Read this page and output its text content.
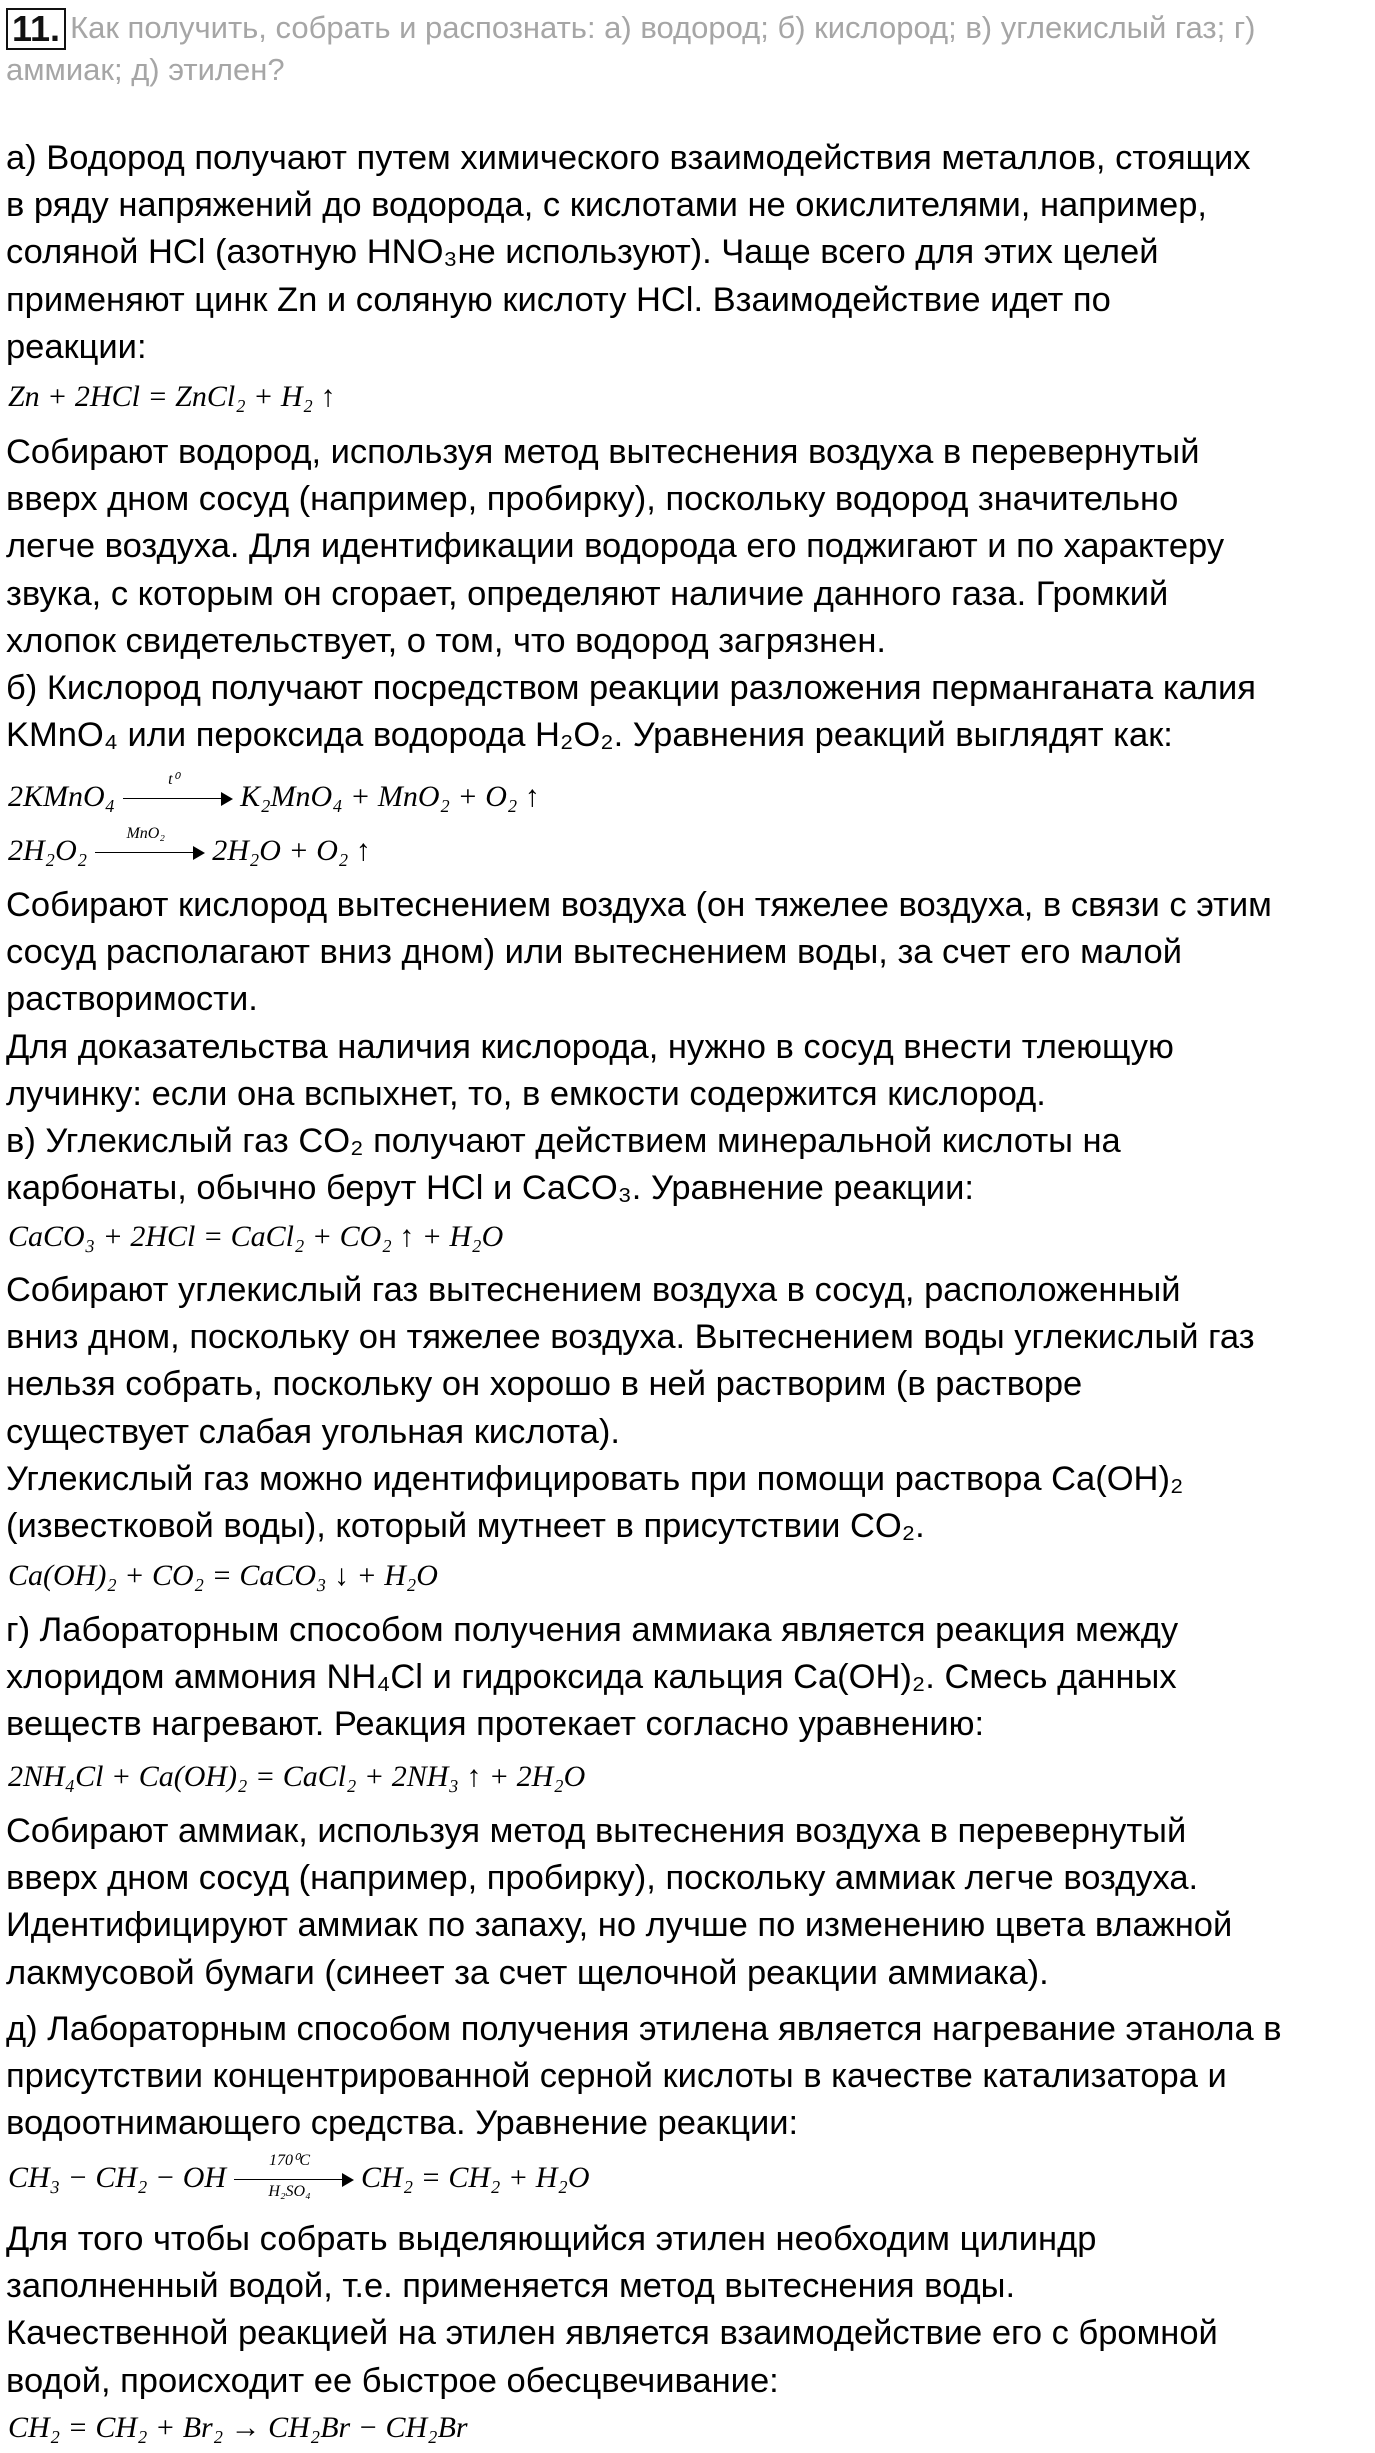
11. Как получить, собрать и распознать: а) водород; б) кислород; в) углекислый газ; г) аммиак; д) этилен?

а) Водород получают путем химического взаимодействия металлов, стоящих
в ряду напряжений до водорода, с кислотами не окислителями, например,
соляной HCl (азотную HNO₃не используют). Чаще всего для этих целей
применяют цинк Zn и соляную кислоту HCl. Взаимодействие идет по
реакции:

Zn + 2HCl = ZnCl₂ + H₂ ↑

Собирают водород, используя метод вытеснения воздуха в перевернутый
вверх дном сосуд (например, пробирку), поскольку водород значительно
легче воздуха. Для идентификации водорода его поджигают и по характеру
звука, с которым он сгорает, определяют наличие данного газа. Громкий
хлопок свидетельствует, о том, что водород загрязнен.
б) Кислород получают посредством реакции разложения перманганата калия
KMnO₄ или пероксида водорода H₂O₂. Уравнения реакций выглядят как:

2KMnO₄
t⁰
K₂MnO₄ + MnO₂ + O₂ ↑
2H₂O₂
MnO₂
2H₂O + O₂ ↑

Собирают кислород вытеснением воздуха (он тяжелее воздуха, в связи с этим
сосуд располагают вниз дном) или вытеснением воды, за счет его малой
растворимости.
Для доказательства наличия кислорода, нужно в сосуд внести тлеющую
лучинку: если она вспыхнет, то, в емкости содержится кислород.
в) Углекислый газ CO₂ получают действием минеральной кислоты на
карбонаты, обычно берут HCl и CaCO₃. Уравнение реакции:

CaCO₃ + 2HCl = CaCl₂ + CO₂ ↑ + H₂O

Собирают углекислый газ вытеснением воздуха в сосуд, расположенный
вниз дном, поскольку он тяжелее воздуха. Вытеснением воды углекислый газ
нельзя собрать, поскольку он хорошо в ней растворим (в растворе
существует слабая угольная кислота).
Углекислый газ можно идентифицировать при помощи раствора Ca(OH)₂
(известковой воды), который мутнеет в присутствии CO₂.

Ca(OH)₂ + CO₂ = CaCO₃ ↓ + H₂O

г) Лабораторным способом получения аммиака является реакция между
хлоридом аммония NH₄Cl и гидроксида кальция Ca(OH)₂. Смесь данных
веществ нагревают. Реакция протекает согласно уравнению:

2NH₄Cl + Ca(OH)₂ = CaCl₂ + 2NH₃ ↑ + 2H₂O

Собирают аммиак, используя метод вытеснения воздуха в перевернутый
вверх дном сосуд (например, пробирку), поскольку аммиак легче воздуха.
Идентифицируют аммиак по запаху, но лучше по изменению цвета влажной
лакмусовой бумаги (синеет за счет щелочной реакции аммиака).

д) Лабораторным способом получения этилена является нагревание этанола в
присутствии концентрированной серной кислоты в качестве катализатора и
водоотнимающего средства. Уравнение реакции:

CH₃ − CH₂ − OH $\frac{\text{170⁰C}}{\text{H₂SO₄}} CH_2 = CH_2 + H_2O$

Для того чтобы собрать выделяющийся этилен необходим цилиндр
заполненный водой, т.е. применяется метод вытеснения воды.
Качественной реакцией на этилен является взаимодействие его с бромной
водой, происходит ее быстрое обесцвечивание:

CH₂ = CH₂ + Br₂ → CH₂Br − CH₂Br
